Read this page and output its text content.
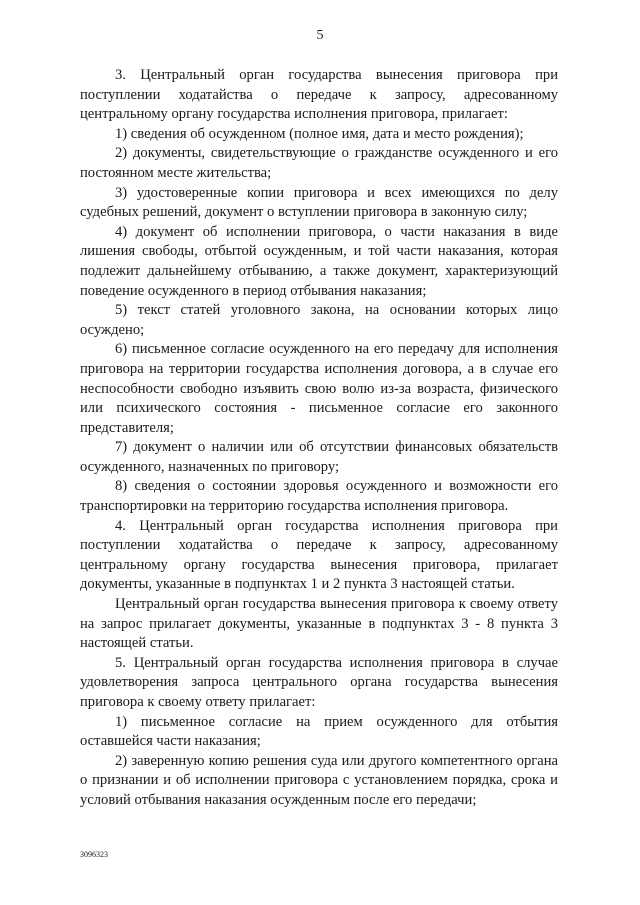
5

3. Центральный орган государства вынесения приговора при поступлении ходатайства о передаче к запросу, адресованному центральному органу государства исполнения приговора, прилагает:

1) сведения об осужденном (полное имя, дата и место рождения);

2) документы, свидетельствующие о гражданстве осужденного и его постоянном месте жительства;

3) удостоверенные копии приговора и всех имеющихся по делу судебных решений, документ о вступлении приговора в законную силу;

4) документ об исполнении приговора, о части наказания в виде лишения свободы, отбытой осужденным, и той части наказания, которая подлежит дальнейшему отбыванию, а также документ, характеризующий поведение осужденного в период отбывания наказания;

5) текст статей уголовного закона, на основании которых лицо осуждено;

6) письменное согласие осужденного на его передачу для исполнения приговора на территории государства исполнения договора, а в случае его неспособности свободно изъявить свою волю из-за возраста, физического или психического состояния - письменное согласие его законного представителя;

7) документ о наличии или об отсутствии финансовых обязательств осужденного, назначенных по приговору;

8) сведения о состоянии здоровья осужденного и возможности его транспортировки на территорию государства исполнения приговора.

4. Центральный орган государства исполнения приговора при поступлении ходатайства о передаче к запросу, адресованному центральному органу государства вынесения приговора, прилагает документы, указанные в подпунктах 1 и 2 пункта 3 настоящей статьи.

Центральный орган государства вынесения приговора к своему ответу на запрос прилагает документы, указанные в подпунктах 3 - 8 пункта 3 настоящей статьи.

5. Центральный орган государства исполнения приговора в случае удовлетворения запроса центрального органа государства вынесения приговора к своему ответу прилагает:

1) письменное согласие на прием осужденного для отбытия оставшейся части наказания;

2) заверенную копию решения суда или другого компетентного органа о признании и об исполнении приговора с установлением порядка, срока и условий отбывания наказания осужденным после его передачи;

3096323
